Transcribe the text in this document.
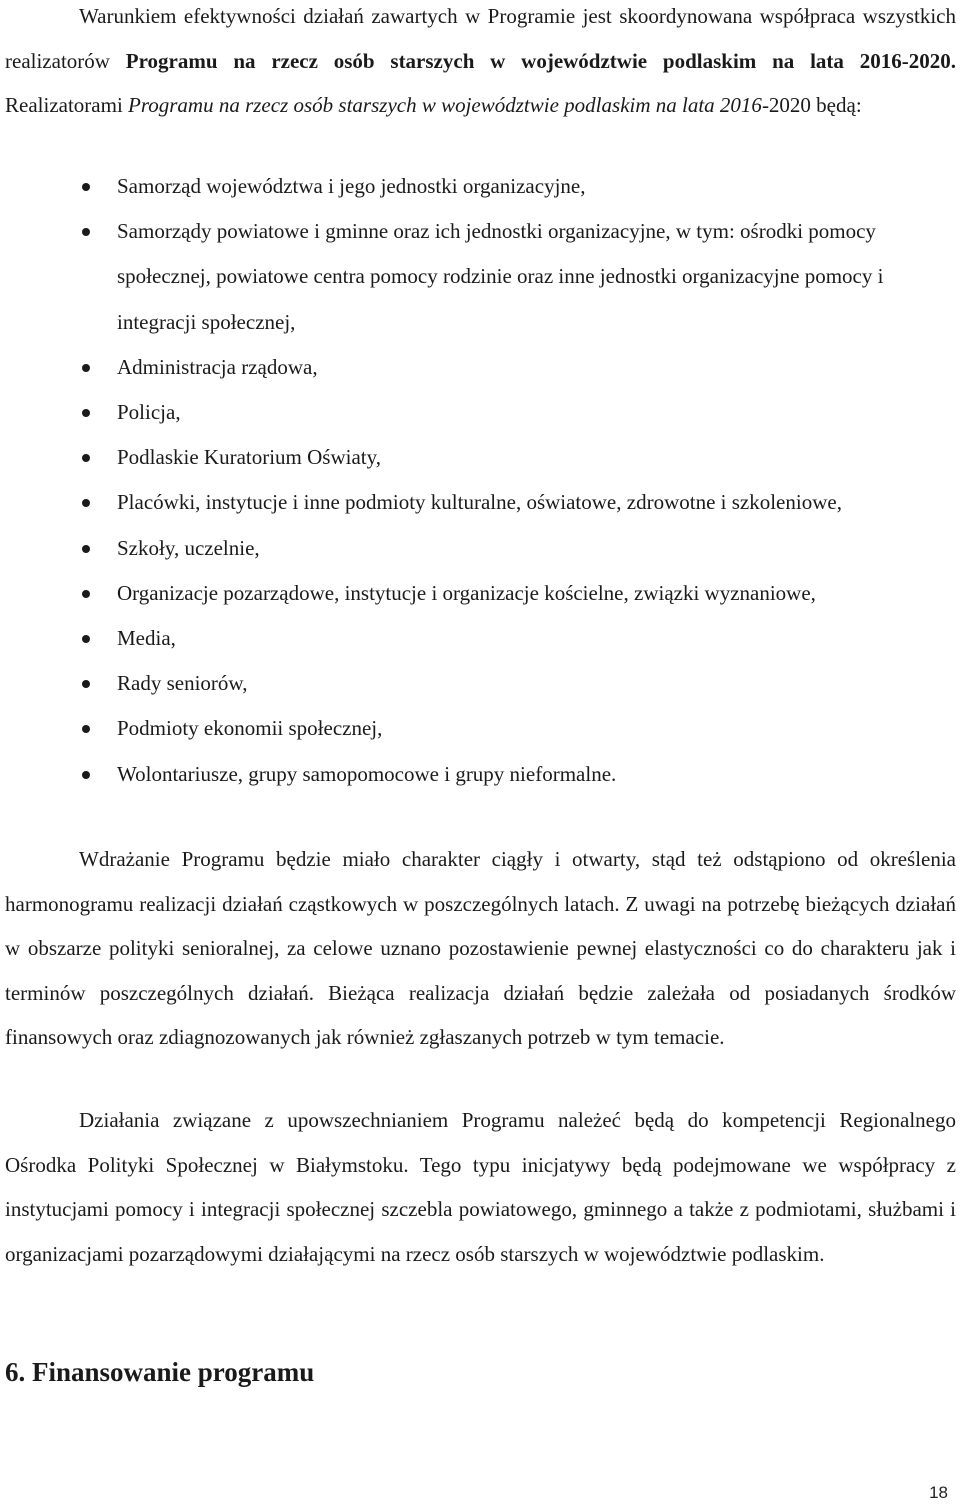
Warunkiem efektywności działań zawartych w Programie jest skoordynowana współpraca wszystkich realizatorów Programu na rzecz osób starszych w województwie podlaskim na lata 2016-2020. Realizatorami Programu na rzecz osób starszych w województwie podlaskim na lata 2016-2020 będą:

Samorząd województwa i jego jednostki organizacyjne,
Samorządy powiatowe i gminne oraz ich jednostki organizacyjne, w tym: ośrodki pomocy społecznej, powiatowe centra pomocy rodzinie oraz inne jednostki organizacyjne pomocy i integracji społecznej,
Administracja rządowa,
Policja,
Podlaskie Kuratorium Oświaty,
Placówki, instytucje i inne podmioty kulturalne, oświatowe, zdrowotne i szkoleniowe,
Szkoły, uczelnie,
Organizacje pozarządowe, instytucje i organizacje kościelne, związki wyznaniowe,
Media,
Rady seniorów,
Podmioty ekonomii społecznej,
Wolontariusze, grupy samopomocowe i grupy nieformalne.

Wdrażanie Programu będzie miało charakter ciągły i otwarty, stąd też odstąpiono od określenia harmonogramu realizacji działań cząstkowych w poszczególnych latach. Z uwagi na potrzebę bieżących działań w obszarze polityki senioralnej, za celowe uznano pozostawienie pewnej elastyczności co do charakteru jak i terminów poszczególnych działań. Bieżąca realizacja działań będzie zależała od posiadanych środków finansowych oraz zdiagnozowanych jak również zgłaszanych potrzeb w tym temacie.

Działania związane z upowszechnianiem Programu należeć będą do kompetencji Regionalnego Ośrodka Polityki Społecznej w Białymstoku. Tego typu inicjatywy będą podejmowane we współpracy z instytucjami pomocy i integracji społecznej szczebla powiatowego, gminnego a także z podmiotami, służbami i organizacjami pozarządowymi działającymi na rzecz osób starszych w województwie podlaskim.

6. Finansowanie programu
18
